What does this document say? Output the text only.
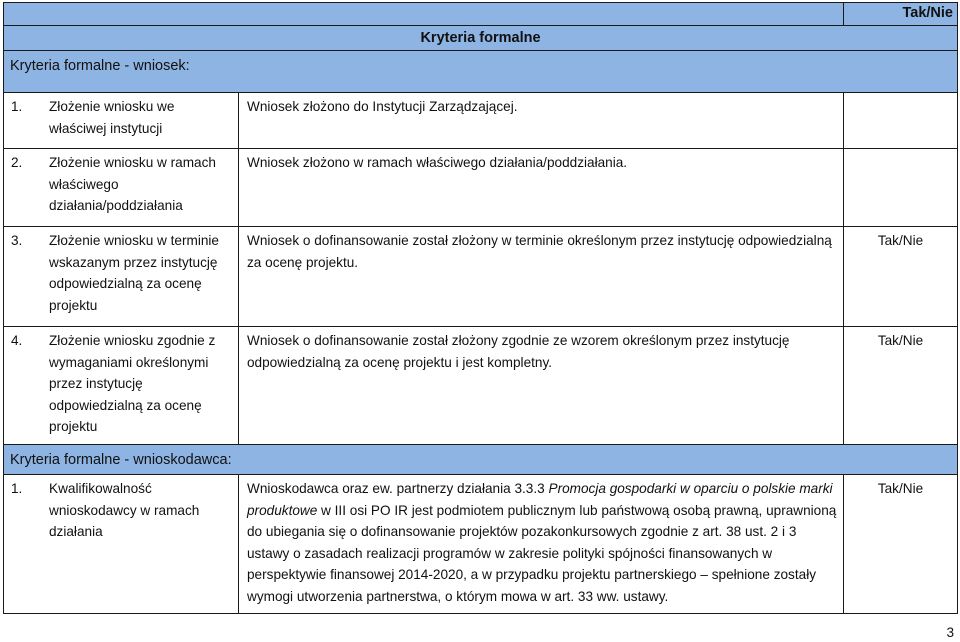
		Tak/Nie
Kryteria formalne		
Kryteria formalne - wniosek:		

1. Złożenie wniosku we właściwej instytucji	Wniosek złożono do Instytucji Zarządzającej.	

2. Złożenie wniosku w ramach właściwego działania/poddziałania	Wniosek złożono w ramach właściwego działania/poddziałania.	

3. Złożenie wniosku w terminie wskazanym przez instytucję odpowiedzialną za ocenę projektu	Wniosek o dofinansowanie został złożony w terminie określonym przez instytucję odpowiedzialną za ocenę projektu.	Tak/Nie

4. Złożenie wniosku zgodnie z wymaganiami określonymi przez instytucję odpowiedzialną za ocenę projektu	Wniosek o dofinansowanie został złożony zgodnie ze wzorem określonym przez instytucję odpowiedzialną za ocenę projektu i jest kompletny.	Tak/Nie
Kryteria formalne - wnioskodawca:		

1. Kwalifikowalność wnioskodawcy w ramach działania	Wnioskodawca oraz ew. partnerzy działania 3.3.3 Promocja gospodarki w oparciu o polskie marki produktowe w III osi PO IR jest podmiotem publicznym lub państwową osobą prawną, uprawnioną do ubiegania się o dofinansowanie projektów pozakonkursowych zgodnie z art. 38 ust. 2 i 3 ustawy o zasadach realizacji programów w zakresie polityki spójności finansowanych w perspektywie finansowej 2014-2020, a w przypadku projektu partnerskiego – spełnione zostały wymogi utworzenia partnerstwa, o którym mowa w art. 33 ww. ustawy.	Tak/Nie
3
